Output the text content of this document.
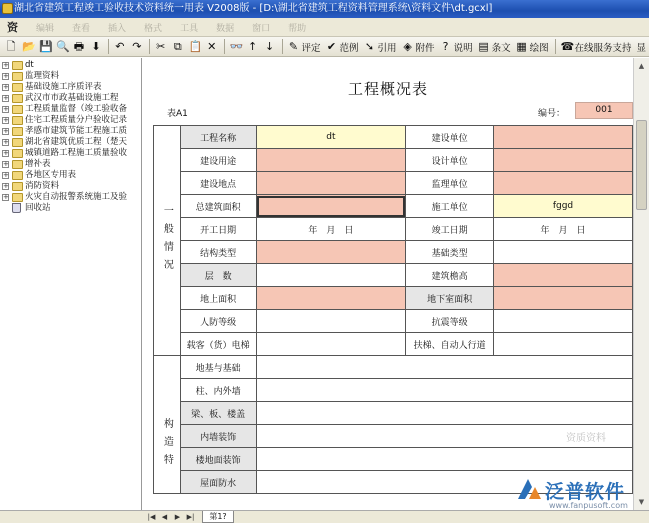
湖北省建筑工程竣工验收技术资料统一用表 V2008版 - [D:\湖北省建筑工程资料管理系统\资料文件\dt.gcxl]
资	编辑	查看	插入	格式	工具	数据	窗口	帮助
🗋 📂 💾 🔍 🖶 ⬇ ↶ ↷ ✂ ⧉ 📋 ✕ 👓 ↑ ↓ ✎ 评定 ✔ 范例 ➘ 引用 ◈ 附件 ? 说明 ▤ 条文 ▦ 绘图 ☎ 在线服务支持 显
+ dt
+ 监理资料
+ 基础设施工序质评表
+ 武汉市市政基础设施工程
+ 工程质量监督（竣工验收备
+ 住宅工程质量分户验收记录
+ 孝感市建筑节能工程施工质
+ 湖北省建筑优质工程（楚天
+ 城镇道路工程施工质量验收
+ 增补表
+ 各地区专用表
+ 消防资料
+ 火灾自动报警系统施工及验
回收站
工程概况表
表A1	编号：	001
一般情况	工程名称	dt	建设单位	
	建设用途		设计单位	
	建设地点		监理单位	
	总建筑面积		施工单位	fggd
	开工日期	年　月　日	竣工日期	年　月　日
	结构类型		基础类型	
	层　数		建筑檐高	
	地上面积		地下室面积	
	人防等级		抗震等级	
	载客（货）电梯		扶梯、自动人行道	
构造特	地基与基础			
	柱、内外墙			
	梁、板、楼盖			
	内墙装饰			
	楼地面装饰			
	屋面防水			
▲
▼
|◀ ◀ ▶ ▶|	第1?
资质资料
泛普软件
www.fanpusoft.com
